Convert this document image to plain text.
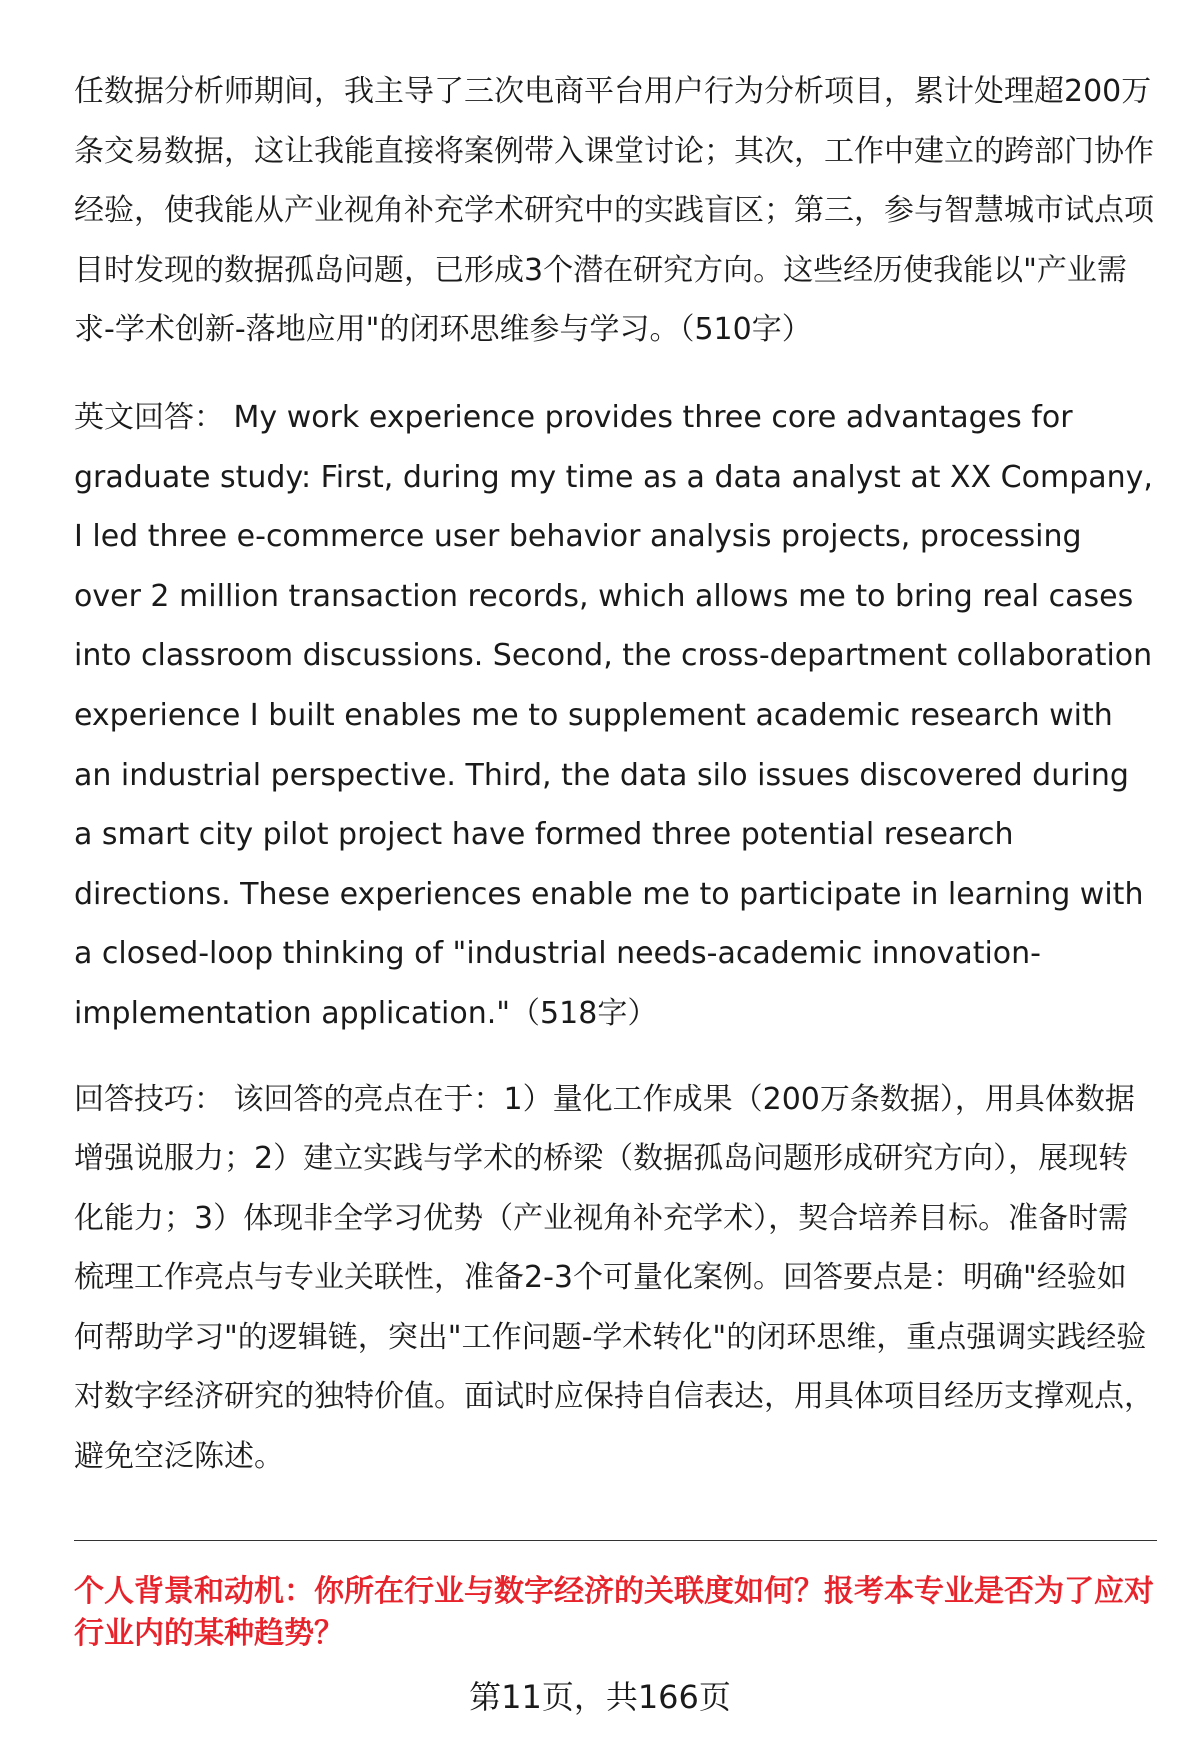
任数据分析师期间，我主导了三次电商平台用户行为分析项目，累计处理超200万条交易数据，这让我能直接将案例带入课堂讨论；其次，工作中建立的跨部门协作经验，使我能从产业视角补充学术研究中的实践盲区；第三，参与智慧城市试点项目时发现的数据孤岛问题，已形成3个潜在研究方向。这些经历使我能以"产业需求-学术创新-落地应用"的闭环思维参与学习。（510字）

英文回答： My work experience provides three core advantages for graduate study: First, during my time as a data analyst at XX Company, I led three e-commerce user behavior analysis projects, processing over 2 million transaction records, which allows me to bring real cases into classroom discussions. Second, the cross-department collaboration experience I built enables me to supplement academic research with an industrial perspective. Third, the data silo issues discovered during a smart city pilot project have formed three potential research directions. These experiences enable me to participate in learning with a closed-loop thinking of "industrial needs-academic innovation-implementation application."（518字）

回答技巧： 该回答的亮点在于：1）量化工作成果（200万条数据），用具体数据增强说服力；2）建立实践与学术的桥梁（数据孤岛问题形成研究方向），展现转化能力；3）体现非全学习优势（产业视角补充学术），契合培养目标。准备时需梳理工作亮点与专业关联性，准备2-3个可量化案例。回答要点是：明确"经验如何帮助学习"的逻辑链，突出"工作问题-学术转化"的闭环思维，重点强调实践经验对数字经济研究的独特价值。面试时应保持自信表达，用具体项目经历支撑观点，避免空泛陈述。

个人背景和动机：你所在行业与数字经济的关联度如何？报考本专业是否为了应对行业内的某种趋势？
第11页，共166页
